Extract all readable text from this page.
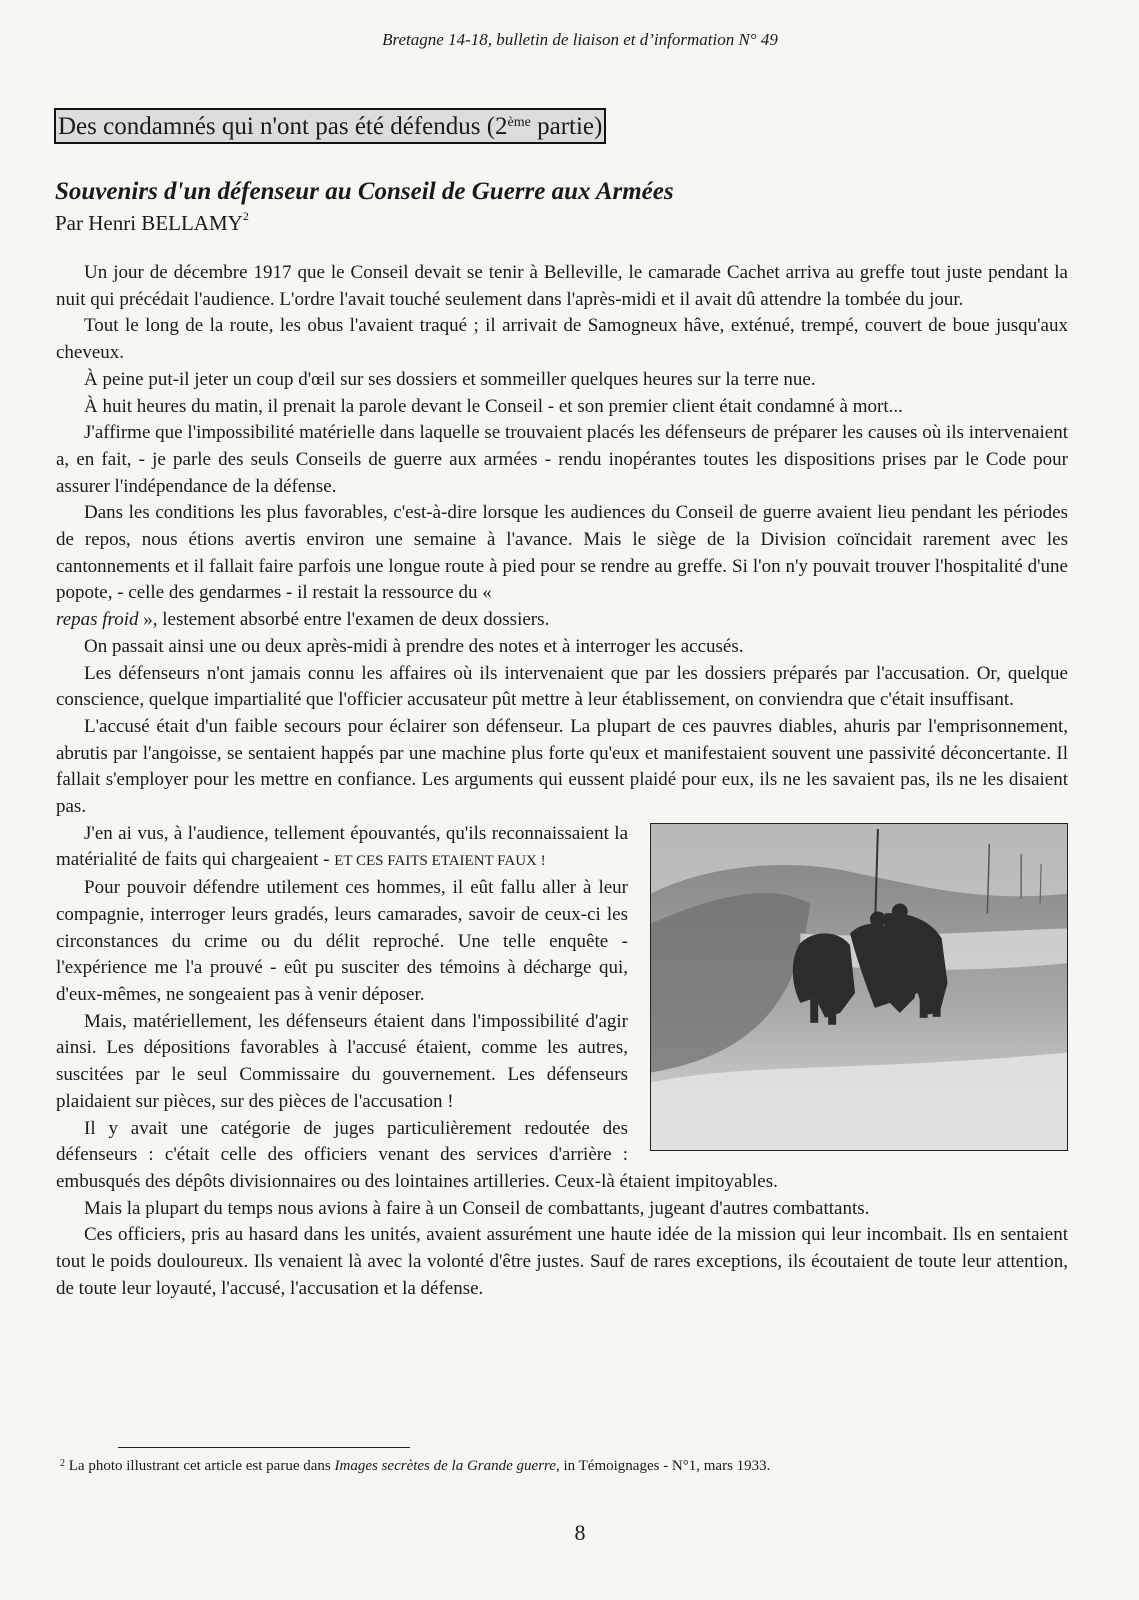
Bretagne 14-18, bulletin de liaison et d’information N° 49
Des condamnés qui n'ont pas été défendus (2ème partie)
Souvenirs d'un défenseur au Conseil de Guerre aux Armées
Par Henri BELLAMY$^2$

Un jour de décembre 1917 que le Conseil devait se tenir à Belleville, le camarade Cachet arriva au greffe tout juste pendant la nuit qui précédait l'audience. L'ordre l'avait touché seulement dans l'après-midi et il avait dû attendre la tombée du jour.

Tout le long de la route, les obus l'avaient traqué ; il arrivait de Samogneux hâve, exténué, trempé, couvert de boue jusqu'aux cheveux.

À peine put-il jeter un coup d'œil sur ses dossiers et sommeiller quelques heures sur la terre nue.

À huit heures du matin, il prenait la parole devant le Conseil - et son premier client était condamné à mort...

J'affirme que l'impossibilité matérielle dans laquelle se trouvaient placés les défenseurs de préparer les causes où ils intervenaient a, en fait, - je parle des seuls Conseils de guerre aux armées - rendu inopérantes toutes les dispositions prises par le Code pour assurer l'indépendance de la défense.

Dans les conditions les plus favorables, c'est-à-dire lorsque les audiences du Conseil de guerre avaient lieu pendant les périodes de repos, nous étions avertis environ une semaine à l'avance. Mais le siège de la Division coïncidait rarement avec les cantonnements et il fallait faire parfois une longue route à pied pour se rendre au greffe. Si l'on n'y pouvait trouver l'hospitalité d'une popote, - celle des gendarmes - il restait la ressource du «
repas froid », lestement absorbé entre l'examen de deux dossiers.

On passait ainsi une ou deux après-midi à prendre des notes et à interroger les accusés.

Les défenseurs n'ont jamais connu les affaires où ils intervenaient que par les dossiers préparés par l'accusation. Or, quelque conscience, quelque impartialité que l'officier accusateur pût mettre à leur établissement, on conviendra que c'était insuffisant.

L'accusé était d'un faible secours pour éclairer son défenseur. La plupart de ces pauvres diables, ahuris par l'emprisonnement, abrutis par l'angoisse, se sentaient happés par une machine plus forte qu'eux et manifestaient souvent une passivité déconcertante. Il fallait s'employer pour les mettre en confiance. Les arguments qui eussent plaidé pour eux, ils ne les savaient pas, ils ne les disaient pas.

J'en ai vus, à l'audience, tellement épouvantés, qu'ils reconnaissaient la matérialité de faits qui chargeaient - ET CES FAITS ETAIENT FAUX !

Pour pouvoir défendre utilement ces hommes, il eût fallu aller à leur compagnie, interroger leurs gradés, leurs camarades, savoir de ceux-ci les circonstances du crime ou du délit reproché. Une telle enquête - l'expérience me l'a prouvé - eût pu susciter des témoins à décharge qui, d'eux-mêmes, ne songeaient pas à venir déposer.

Mais, matériellement, les défenseurs étaient dans l'impossibilité d'agir ainsi. Les dépositions favorables à l'accusé étaient, comme les autres, suscitées par le seul Commissaire du gouvernement. Les défenseurs plaidaient sur pièces, sur des pièces de l'accusation !

Il y avait une catégorie de juges particulièrement redoutée des défenseurs : c'était celle des officiers venant des services d'arrière : embusqués des dépôts divisionnaires ou des lointaines artilleries. Ceux-là étaient impitoyables.

Mais la plupart du temps nous avions à faire à un Conseil de combattants, jugeant d'autres combattants.

Ces officiers, pris au hasard dans les unités, avaient assurément une haute idée de la mission qui leur incombait. Ils en sentaient tout le poids douloureux. Ils venaient là avec la volonté d'être justes. Sauf de rares exceptions, ils écoutaient de toute leur attention, de toute leur loyauté, l'accusé, l'accusation et la défense.

$^2$ La photo illustrant cet article est parue dans Images secrètes de la Grande guerre, in Témoignages - N°1, mars 1933.
8
